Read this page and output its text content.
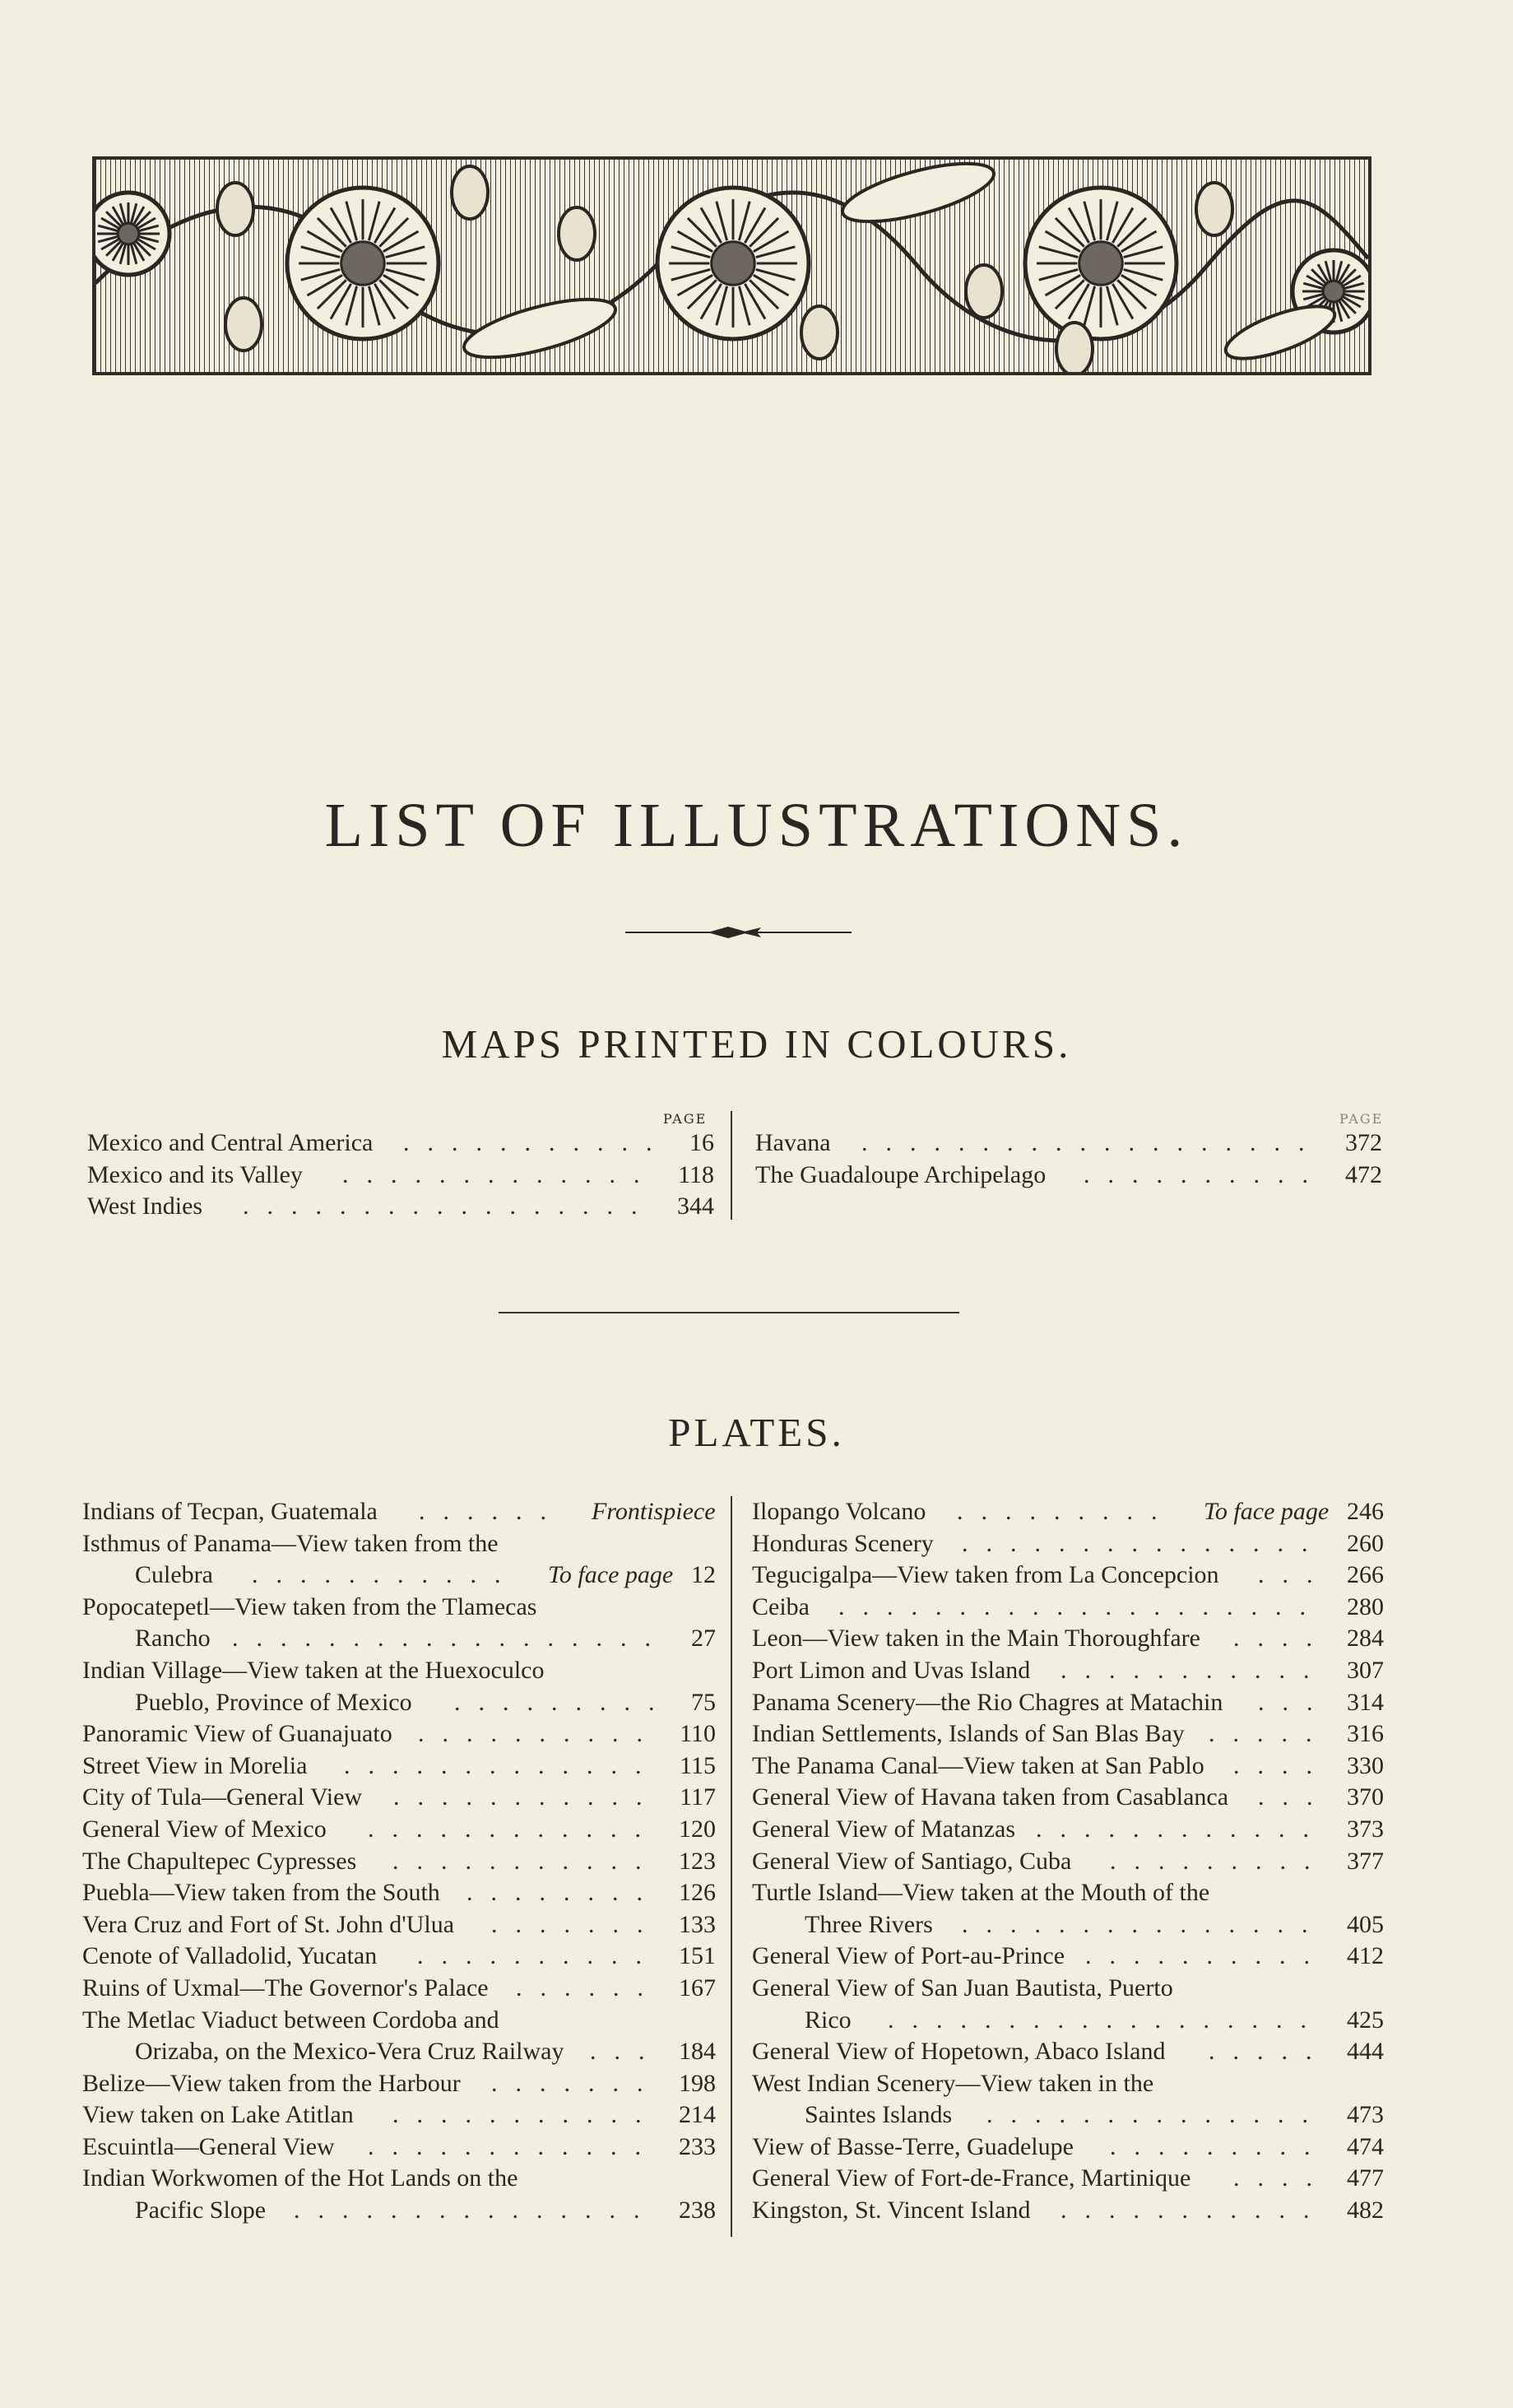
LIST OF ILLUSTRATIONS.
MAPS PRINTED IN COLOURS.
PAGE	PAGE
Mexico and Central America	16
...........
Mexico and its Valley	118
.............
West Indies	344
.................
Havana	372
...................
The Guadaloupe Archipelago	472
..........
PLATES.
Indians of Tecpan, Guatemala	Frontispiece
......
Isthmus of Panama—View taken from the
Culebra	To face page 12
...........
Popocatepetl—View taken from the Tlamecas
Rancho	27
..................
Indian Village—View taken at the Huexoculco
Pueblo, Province of Mexico	75
.........
Panoramic View of Guanajuato	110
..........
Street View in Morelia	115
.............
City of Tula—General View	117
...........
General View of Mexico	120
............
The Chapultepec Cypresses	123
...........
Puebla—View taken from the South	126
........
Vera Cruz and Fort of St. John d'Ulua	133
.......
Cenote of Valladolid, Yucatan	151
..........
Ruins of Uxmal—The Governor's Palace	167
......
The Metlac Viaduct between Cordoba and
Orizaba, on the Mexico-Vera Cruz Railway	184
...
Belize—View taken from the Harbour	198
.......
View taken on Lake Atitlan	214
...........
Escuintla—General View	233
............
Indian Workwomen of the Hot Lands on the
Pacific Slope	238
...............
Ilopango Volcano	To face page 246
.........
Honduras Scenery	260
...............
Tegucigalpa—View taken from La Concepcion	266
...
Ceiba	280
....................
Leon—View taken in the Main Thoroughfare	284
....
Port Limon and Uvas Island	307
...........
Panama Scenery—the Rio Chagres at Matachin	314
...
Indian Settlements, Islands of San Blas Bay	316
.....
The Panama Canal—View taken at San Pablo	330
....
General View of Havana taken from Casablanca	370
...
General View of Matanzas	373
............
General View of Santiago, Cuba	377
.........
Turtle Island—View taken at the Mouth of the
Three Rivers	405
...............
General View of Port-au-Prince	412
..........
General View of San Juan Bautista, Puerto
Rico	425
..................
General View of Hopetown, Abaco Island	444
.....
West Indian Scenery—View taken in the
Saintes Islands	473
..............
View of Basse-Terre, Guadelupe	474
.........
General View of Fort-de-France, Martinique	477
....
Kingston, St. Vincent Island	482
...........
